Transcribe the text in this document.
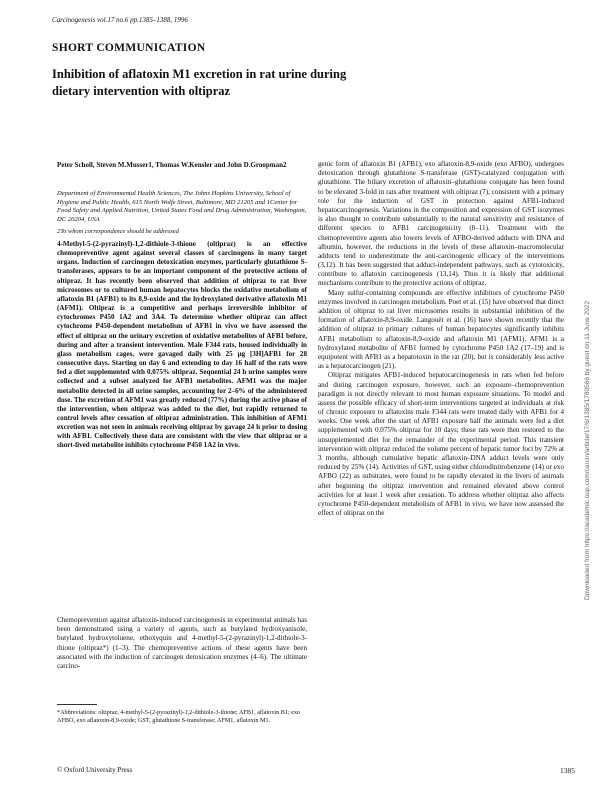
Carcinogenesis vol.17 no.6 pp.1385–1388, 1996
SHORT COMMUNICATION
Inhibition of aflatoxin M1 excretion in rat urine during dietary intervention with oltipraz
Peter Scholl, Steven M.Musser1, Thomas W.Kensler and John D.Groopman2
Department of Environmental Health Sciences, The Johns Hopkins University, School of Hygiene and Public Health, 615 North Wolfe Street, Baltimore, MD 21205 and 1Center for Food Safety and Applied Nutrition, United States Food and Drug Administration, Washington, DC 20204, USA
2To whom correspondence should be addressed
4-Methyl-5-(2-pyrazinyl)-1,2-dithiole-3-thione (oltipraz) is an effective chemopreventive agent against several classes of carcinogens in many target organs. Induction of carcinogen detoxication enzymes, particularly glutathione S-transferases, appears to be an important component of the protective actions of oltipraz. It has recently been observed that addition of oltipraz to rat liver microsomes or to cultured human hepatocytes blocks the oxidative metabolism of aflatoxin B1 (AFB1) to its 8,9-oxide and the hydroxylated derivative aflatoxin M1 (AFM1). Oltipraz is a competitive and perhaps irreversible inhibitor of cytochromes P450 1A2 and 3A4. To determine whether oltipraz can affect cytochrome P450-dependent metabolism of AFB1 in vivo we have assessed the effect of oltipraz on the urinary excretion of oxidative metabolites of AFB1 before, during and after a transient intervention. Male F344 rats, housed individually in glass metabolism cages, were gavaged daily with 25 µg [3H]AFB1 for 28 consecutive days. Starting on day 6 and extending to day 16 half of the rats were fed a diet supplemented with 0.075% oltipraz. Sequential 24 h urine samples were collected and a subset analyzed for AFB1 metabolites. AFM1 was the major metabolite detected in all urine samples, accounting for 2–6% of the administered dose. The excretion of AFM1 was greatly reduced (77%) during the active phase of the intervention, when oltipraz was added to the diet, but rapidly returned to control levels after cessation of oltipraz administration. This inhibition of AFM1 excretion was not seen in animals receiving oltipraz by gavage 24 h prior to dosing with AFB1. Collectively these data are consistent with the view that oltipraz or a short-lived metabolite inhibits cytochrome P450 1A2 in vivo.
Chemoprevention against aflatoxin-induced carcinogenesis in experimental animals has been demonstrated using a variety of agents, such as butylated hydroxyanisole, butylated hydroxytoluene, ethoxyquin and 4-methyl-5-(2-pyrazinyl)-1,2-dithiole-3-thione (oltipraz*) (1–3). The chemopreventive actions of these agents have been associated with the induction of carcinogen detoxication enzymes (4–6). The ultimate carcino-
*Abbreviations: oltipraz, 4-methyl-5-(2-pyrazinyl)-1,2-dithiole-3-thione; AFB1, aflatoxin B1; exo AFBO, exo aflatoxin-8,9-oxide; GST, glutathione S-transferase; AFM1, aflatoxin M1.
© Oxford University Press

genic form of aflatoxin B1 (AFB1), exo aflatoxin-8,9-oxide (exo AFBO), undergoes detoxication through glutathione S-transferase (GST)-catalyzed conjugation with glutathione. The biliary excretion of aflatoxin–glutathione conjugate has been found to be elevated 3-fold in rats after treatment with oltipraz (7), consistent with a primary role for the induction of GST in protection against AFB1-induced hepatocarcinogenesis. Variations in the composition and expression of GST isozymes is also thought to contribute substantially to the natural sensitivity and resistance of different species to AFB1 carcinogenicity (8–11). Treatment with the chemopreventive agents also lowers levels of AFBO-derived adducts with DNA and albumin, however, the reductions in the levels of these aflatoxin–macromolecular adducts tend to underestimate the anti-carcinogenic efficacy of the interventions (3,12). It has been suggested that adduct-independent pathways, such as cytotoxicity, contribute to aflatoxin carcinogenesis (13,14). Thus it is likely that additional mechanisms contribute to the protective actions of oltipraz.

Many sulfur-containing compounds are effective inhibitors of cytochrome P450 enzymes involved in carcinogen metabolism. Poet et al. (15) have observed that direct addition of oltipraz to rat liver microsomes results in substantial inhibition of the formation of aflatoxin-8,9-oxide. Langouët et al. (16) have shown recently that the addition of oltipraz to primary cultures of human hepatocytes significantly inhibits AFB1 metabolism to aflatoxin-8,9-oxide and aflatoxin M1 (AFM1). AFM1 is a hydroxylated metabolite of AFB1 formed by cytochrome P450 1A2 (17–19) and is equipotent with AFB1 as a hepatotoxin in the rat (20), but is considerably less active as a hepatocarcinogen (21).

Oltipraz mitigates AFB1-induced hepatocarcinogenesis in rats when fed before and during carcinogen exposure, however, such an exposure–chemoprevention paradigm is not directly relevant to most human exposure situations. To model and assess the possible efficacy of short-term interventions targeted at individuals at risk of chronic exposure to aflatoxins male F344 rats were treated daily with AFB1 for 4 weeks. One week after the start of AFB1 exposure half the animals were fed a diet supplemented with 0.075% oltipraz for 10 days; these rats were then restored to the unsupplemented diet for the remainder of the experimental period. This transient intervention with oltipraz reduced the volume percent of hepatic tumor foci by 72% at 3 months, although cumulative hepatic aflatoxin–DNA adduct levels were only reduced by 25% (14). Activities of GST, using either chlorodinitrobenzene (14) or exo AFBO (22) as substrates, were found to be rapidly elevated in the livers of animals after beginning the oltipraz intervention and remained elevated above control activities for at least 1 week after cessation. To address whether oltipraz also affects cytochrome P450-dependent metabolism of AFB1 in vivo, we have now assessed the effect of oltipraz on the

1385
Downloaded from https://academic.oup.com/carcin/article/17/6/1385/1780566 by guest on 11 June 2022
